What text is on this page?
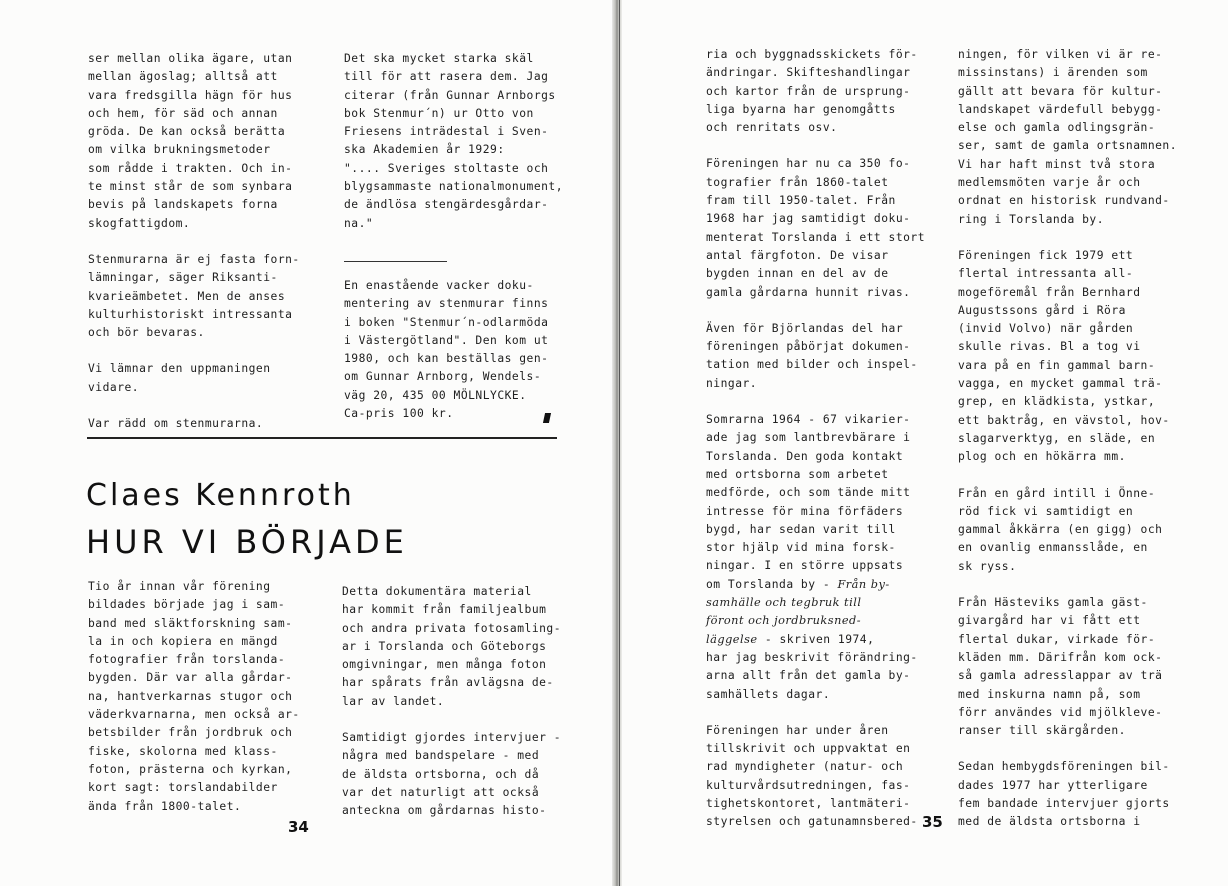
ser mellan olika ägare, utan
mellan ägoslag; alltså att
vara fredsgilla hägn för hus
och hem, för säd och annan
gröda. De kan också berätta
om vilka brukningsmetoder
som rådde i trakten. Och in-
te minst står de som synbara
bevis på landskapets forna
skogfattigdom.

Stenmurarna är ej fasta forn-
lämningar, säger Riksanti-
kvarieämbetet. Men de anses
kulturhistoriskt intressanta
och bör bevaras.

Vi lämnar den uppmaningen
vidare.

Var rädd om stenmurarna.

Det ska mycket starka skäl
till för att rasera dem. Jag
citerar (från Gunnar Arnborgs
bok Stenmur´n) ur Otto von
Friesens inträdestal i Sven-
ska Akademien år 1929:
".... Sveriges stoltaste och
blygsammaste nationalmonument,
de ändlösa stengärdesgårdar-
na."

En enastående vacker doku-
mentering av stenmurar finns
i boken "Stenmur´n-odlarmöda
i Västergötland". Den kom ut
1980, och kan beställas gen-
om Gunnar Arnborg, Wendels-
väg 20, 435 00 MÖLNLYCKE.
Ca-pris 100 kr.

Claes Kennroth
HUR VI BÖRJADE

Tio år innan vår förening
bildades började jag i sam-
band med släktforskning sam-
la in och kopiera en mängd
fotografier från torslanda-
bygden. Där var alla gårdar-
na, hantverkarnas stugor och
väderkvarnarna, men också ar-
betsbilder från jordbruk och
fiske, skolorna med klass-
foton, prästerna och kyrkan,
kort sagt: torslandabilder
ända från 1800-talet.

Detta dokumentära material
har kommit från familjealbum
och andra privata fotosamling-
ar i Torslanda och Göteborgs
omgivningar, men många foton
har spårats från avlägsna de-
lar av landet.

Samtidigt gjordes intervjuer -
några med bandspelare - med
de äldsta ortsborna, och då
var det naturligt att också
anteckna om gårdarnas histo-

34

ria och byggnadsskickets för-
ändringar. Skifteshandlingar
och kartor från de ursprung-
liga byarna har genomgåtts
och renritats osv.

Föreningen har nu ca 350 fo-
tografier från 1860-talet
fram till 1950-talet. Från
1968 har jag samtidigt doku-
menterat Torslanda i ett stort
antal färgfoton. De visar
bygden innan en del av de
gamla gårdarna hunnit rivas.

Även för Björlandas del har
föreningen påbörjat dokumen-
tation med bilder och inspel-
ningar.

Somrarna 1964 - 67 vikarier-
ade jag som lantbrevbärare i
Torslanda. Den goda kontakt
med ortsborna som arbetet
medförde, och som tände mitt
intresse för mina förfäders
bygd, har sedan varit till
stor hjälp vid mina forsk-
ningar. I en större uppsats
om Torslanda by - Från by-
samhälle och tegbruk till
föront och jordbruksned-
läggelse - skriven 1974,
har jag beskrivit förändring-
arna allt från det gamla by-
samhällets dagar.

Föreningen har under åren
tillskrivit och uppvaktat en
rad myndigheter (natur- och
kulturvårdsutredningen, fas-
tighetskontoret, lantmäteri-
styrelsen och gatunamnsbered-

ningen, för vilken vi är re-
missinstans) i ärenden som
gällt att bevara för kultur-
landskapet värdefull bebygg-
else och gamla odlingsgrän-
ser, samt de gamla ortsnamnen.
Vi har haft minst två stora
medlemsmöten varje år och
ordnat en historisk rundvand-
ring i Torslanda by.

Föreningen fick 1979 ett
flertal intressanta all-
mogeföremål från Bernhard
Augustssons gård i Röra
(invid Volvo) när gården
skulle rivas. Bl a tog vi
vara på en fin gammal barn-
vagga, en mycket gammal trä-
grep, en klädkista, ystkar,
ett baktråg, en vävstol, hov-
slagarverktyg, en släde, en
plog och en hökärra mm.

Från en gård intill i Önne-
röd fick vi samtidigt en
gammal åkkärra (en gigg) och
en ovanlig enmansslåde, en
sk ryss.

Från Hästeviks gamla gäst-
givargård har vi fått ett
flertal dukar, virkade för-
kläden mm. Därifrån kom ock-
så gamla adresslappar av trä
med inskurna namn på, som
förr användes vid mjölkleve-
ranser till skärgården.

Sedan hembygdsföreningen bil-
dades 1977 har ytterligare
fem bandade intervjuer gjorts
med de äldsta ortsborna i

35
